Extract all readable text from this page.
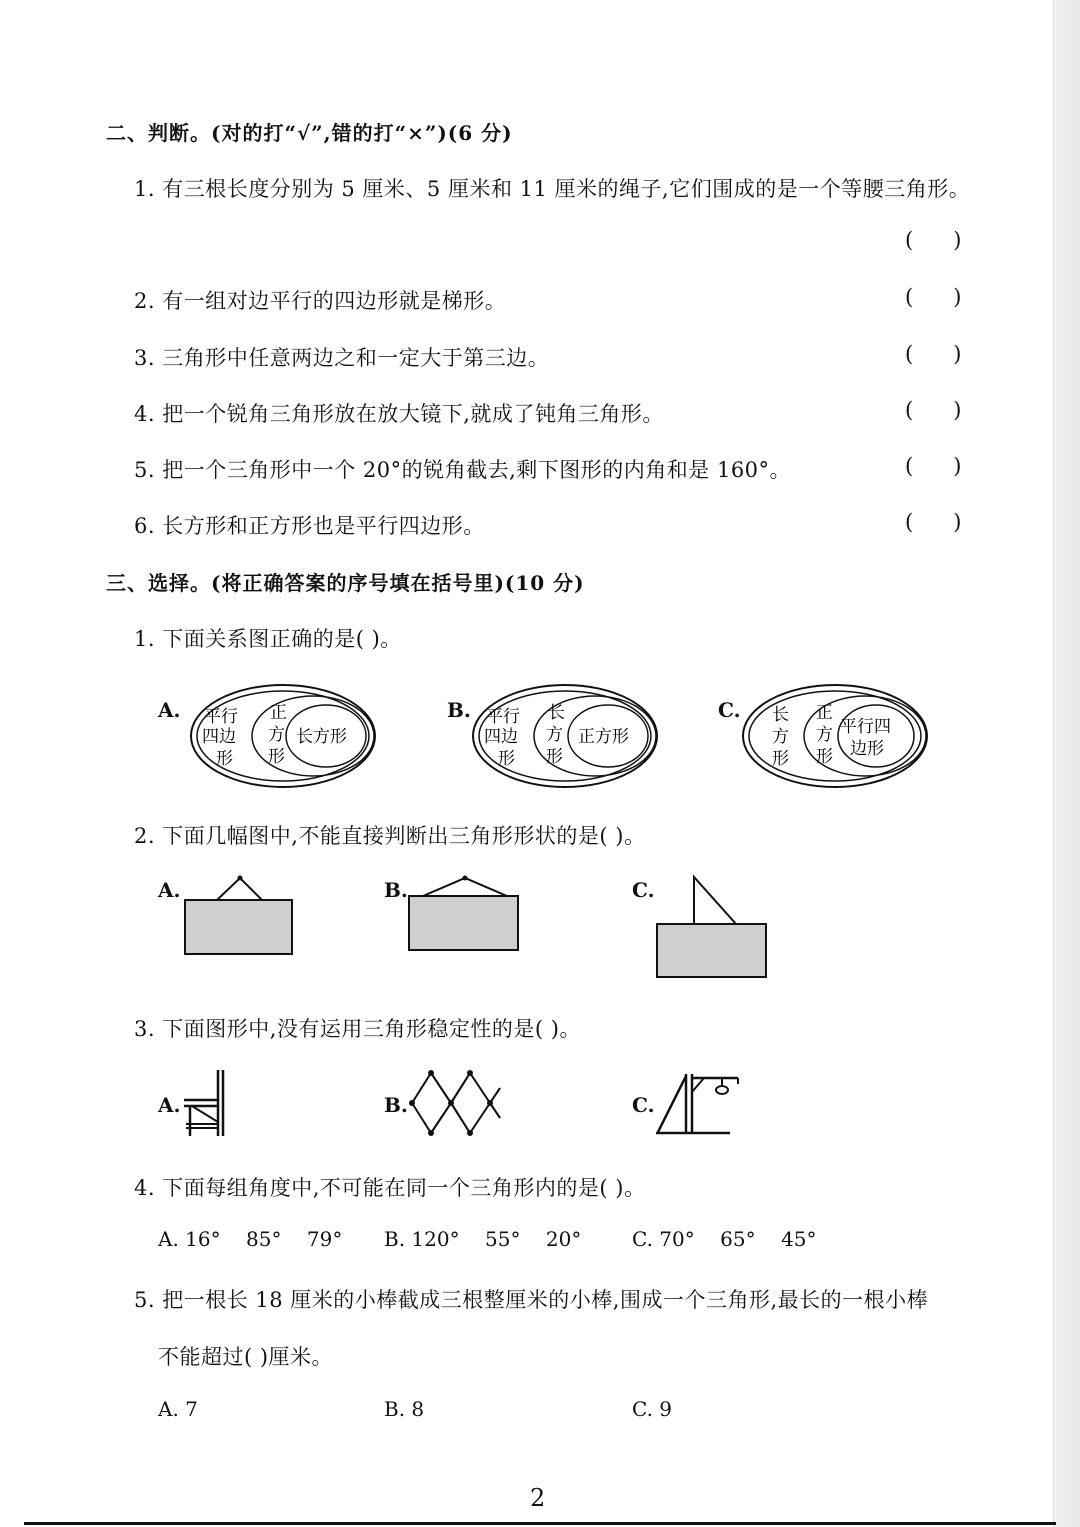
二、判断。(对的打“√”,错的打“×”)(6 分)
1. 有三根长度分别为 5 厘米、5 厘米和 11 厘米的绳子,它们围成的是一个等腰三角形。
(      )
2. 有一组对边平行的四边形就是梯形。	(      )
3. 三角形中任意两边之和一定大于第三边。	(      )
4. 把一个锐角三角形放在放大镜下,就成了钝角三角形。	(      )
5. 把一个三角形中一个 20°的锐角截去,剩下图形的内角和是 160°。	(      )
6. 长方形和正方形也是平行四边形。	(      )
三、选择。(将正确答案的序号填在括号里)(10 分)
1. 下面关系图正确的是( )。
A. 平行
四边
形
正
方
形
长方形
B. 平行
四边
形
长
方
形
正方形
C. 长
方
形
正
方
形
平行四
边形
2. 下面几幅图中,不能直接判断出三角形形状的是( )。
A.	B.	C.
3. 下面图形中,没有运用三角形稳定性的是( )。
A.	B.	C.
4. 下面每组角度中,不可能在同一个三角形内的是( )。
A. 16°    85°    79° B. 120°    55°    20°	C. 70°    65°    45°
5. 把一根长 18 厘米的小棒截成三根整厘米的小棒,围成一个三角形,最长的一根小棒
不能超过( )厘米。
A. 7	B. 8	C. 9
2
